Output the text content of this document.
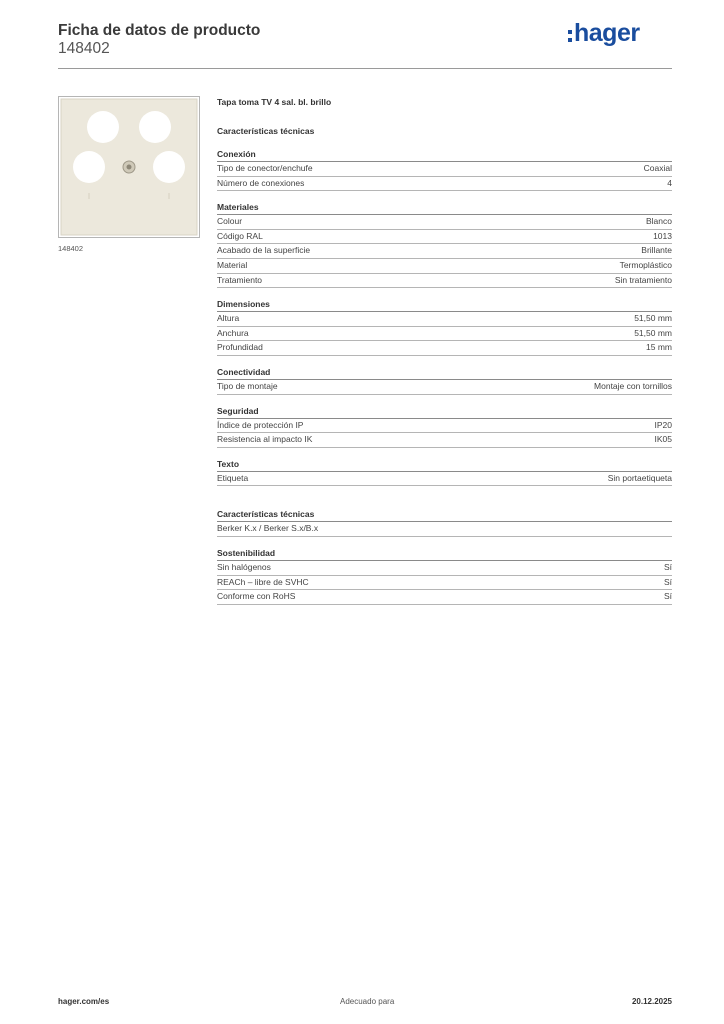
Ficha de datos de producto
148402
hager
148402
Tapa toma TV 4 sal. bl. brillo
Características técnicas
Conexión
Tipo de conector/enchufe	Coaxial
Número de conexiones	4
Materiales
Colour	Blanco
Código RAL	1013
Acabado de la superficie	Brillante
Material	Termoplástico
Tratamiento	Sin tratamiento
Dimensiones
Altura	51,50 mm
Anchura	51,50 mm
Profundidad	15 mm
Conectividad
Tipo de montaje	Montaje con tornillos
Seguridad
Índice de protección IP	IP20
Resistencia al impacto IK	IK05
Texto
Etiqueta	Sin portaetiqueta
Características técnicas
Berker K.x / Berker S.x/B.x
Sostenibilidad
Sin halógenos	Sí
REACh – libre de SVHC	Sí
Conforme con RoHS	Sí
hager.com/es	Adecuado para	20.12.2025
